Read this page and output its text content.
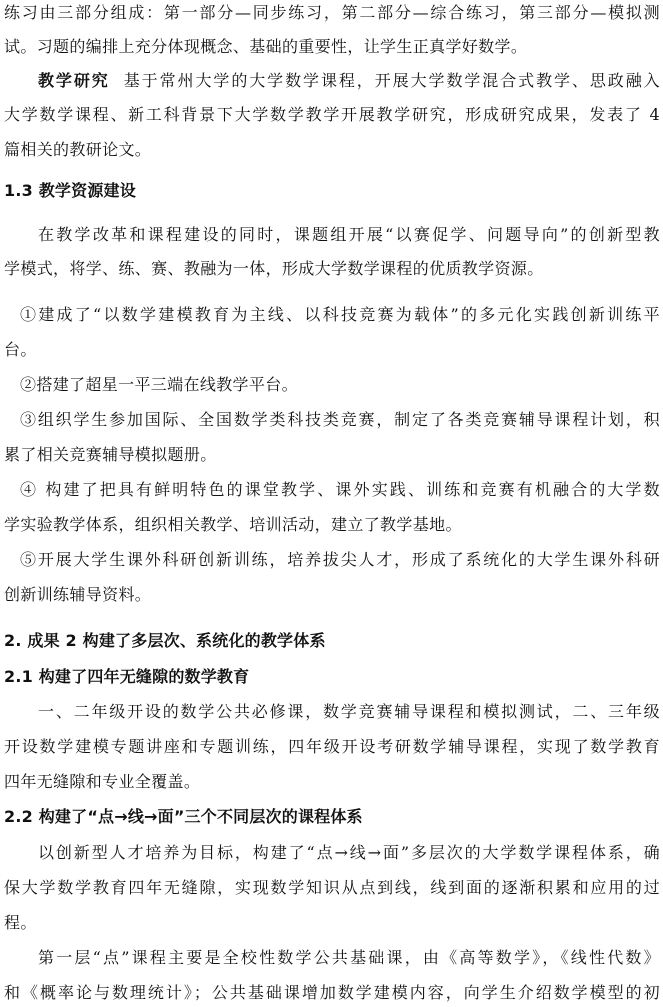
练习由三部分组成：第一部分—同步练习，第二部分—综合练习，第三部分—模拟测
试。习题的编排上充分体现概念、基础的重要性，让学生正真学好数学。
教学研究 基于常州大学的大学数学课程，开展大学数学混合式教学、思政融入
大学数学课程、新工科背景下大学数学教学开展教学研究，形成研究成果，发表了 4
篇相关的教研论文。
1.3 教学资源建设
在教学改革和课程建设的同时，课题组开展“以赛促学、问题导向”的创新型教
学模式，将学、练、赛、教融为一体，形成大学数学课程的优质教学资源。
①建成了“以数学建模教育为主线、以科技竞赛为载体”的多元化实践创新训练平
台。
②搭建了超星一平三端在线教学平台。
③组织学生参加国际、全国数学类科技类竞赛，制定了各类竞赛辅导课程计划，积
累了相关竞赛辅导模拟题册。
④ 构建了把具有鲜明特色的课堂教学、课外实践、训练和竞赛有机融合的大学数
学实验教学体系，组织相关教学、培训活动，建立了教学基地。
⑤开展大学生课外科研创新训练，培养拔尖人才，形成了系统化的大学生课外科研
创新训练辅导资料。
2. 成果 2 构建了多层次、系统化的教学体系
2.1 构建了四年无缝隙的数学教育
一、二年级开设的数学公共必修课，数学竞赛辅导课程和模拟测试，二、三年级
开设数学建模专题讲座和专题训练，四年级开设考研数学辅导课程，实现了数学教育
四年无缝隙和专业全覆盖。
2.2 构建了“点→线→面”三个不同层次的课程体系
以创新型人才培养为目标，构建了“点→线→面”多层次的大学数学课程体系，确
保大学数学教育四年无缝隙，实现数学知识从点到线，线到面的逐渐积累和应用的过
程。
第一层“点”课程主要是全校性数学公共基础课，由《高等数学》，《线性代数》
和《概率论与数理统计》；公共基础课增加数学建模内容，向学生介绍数学模型的初
